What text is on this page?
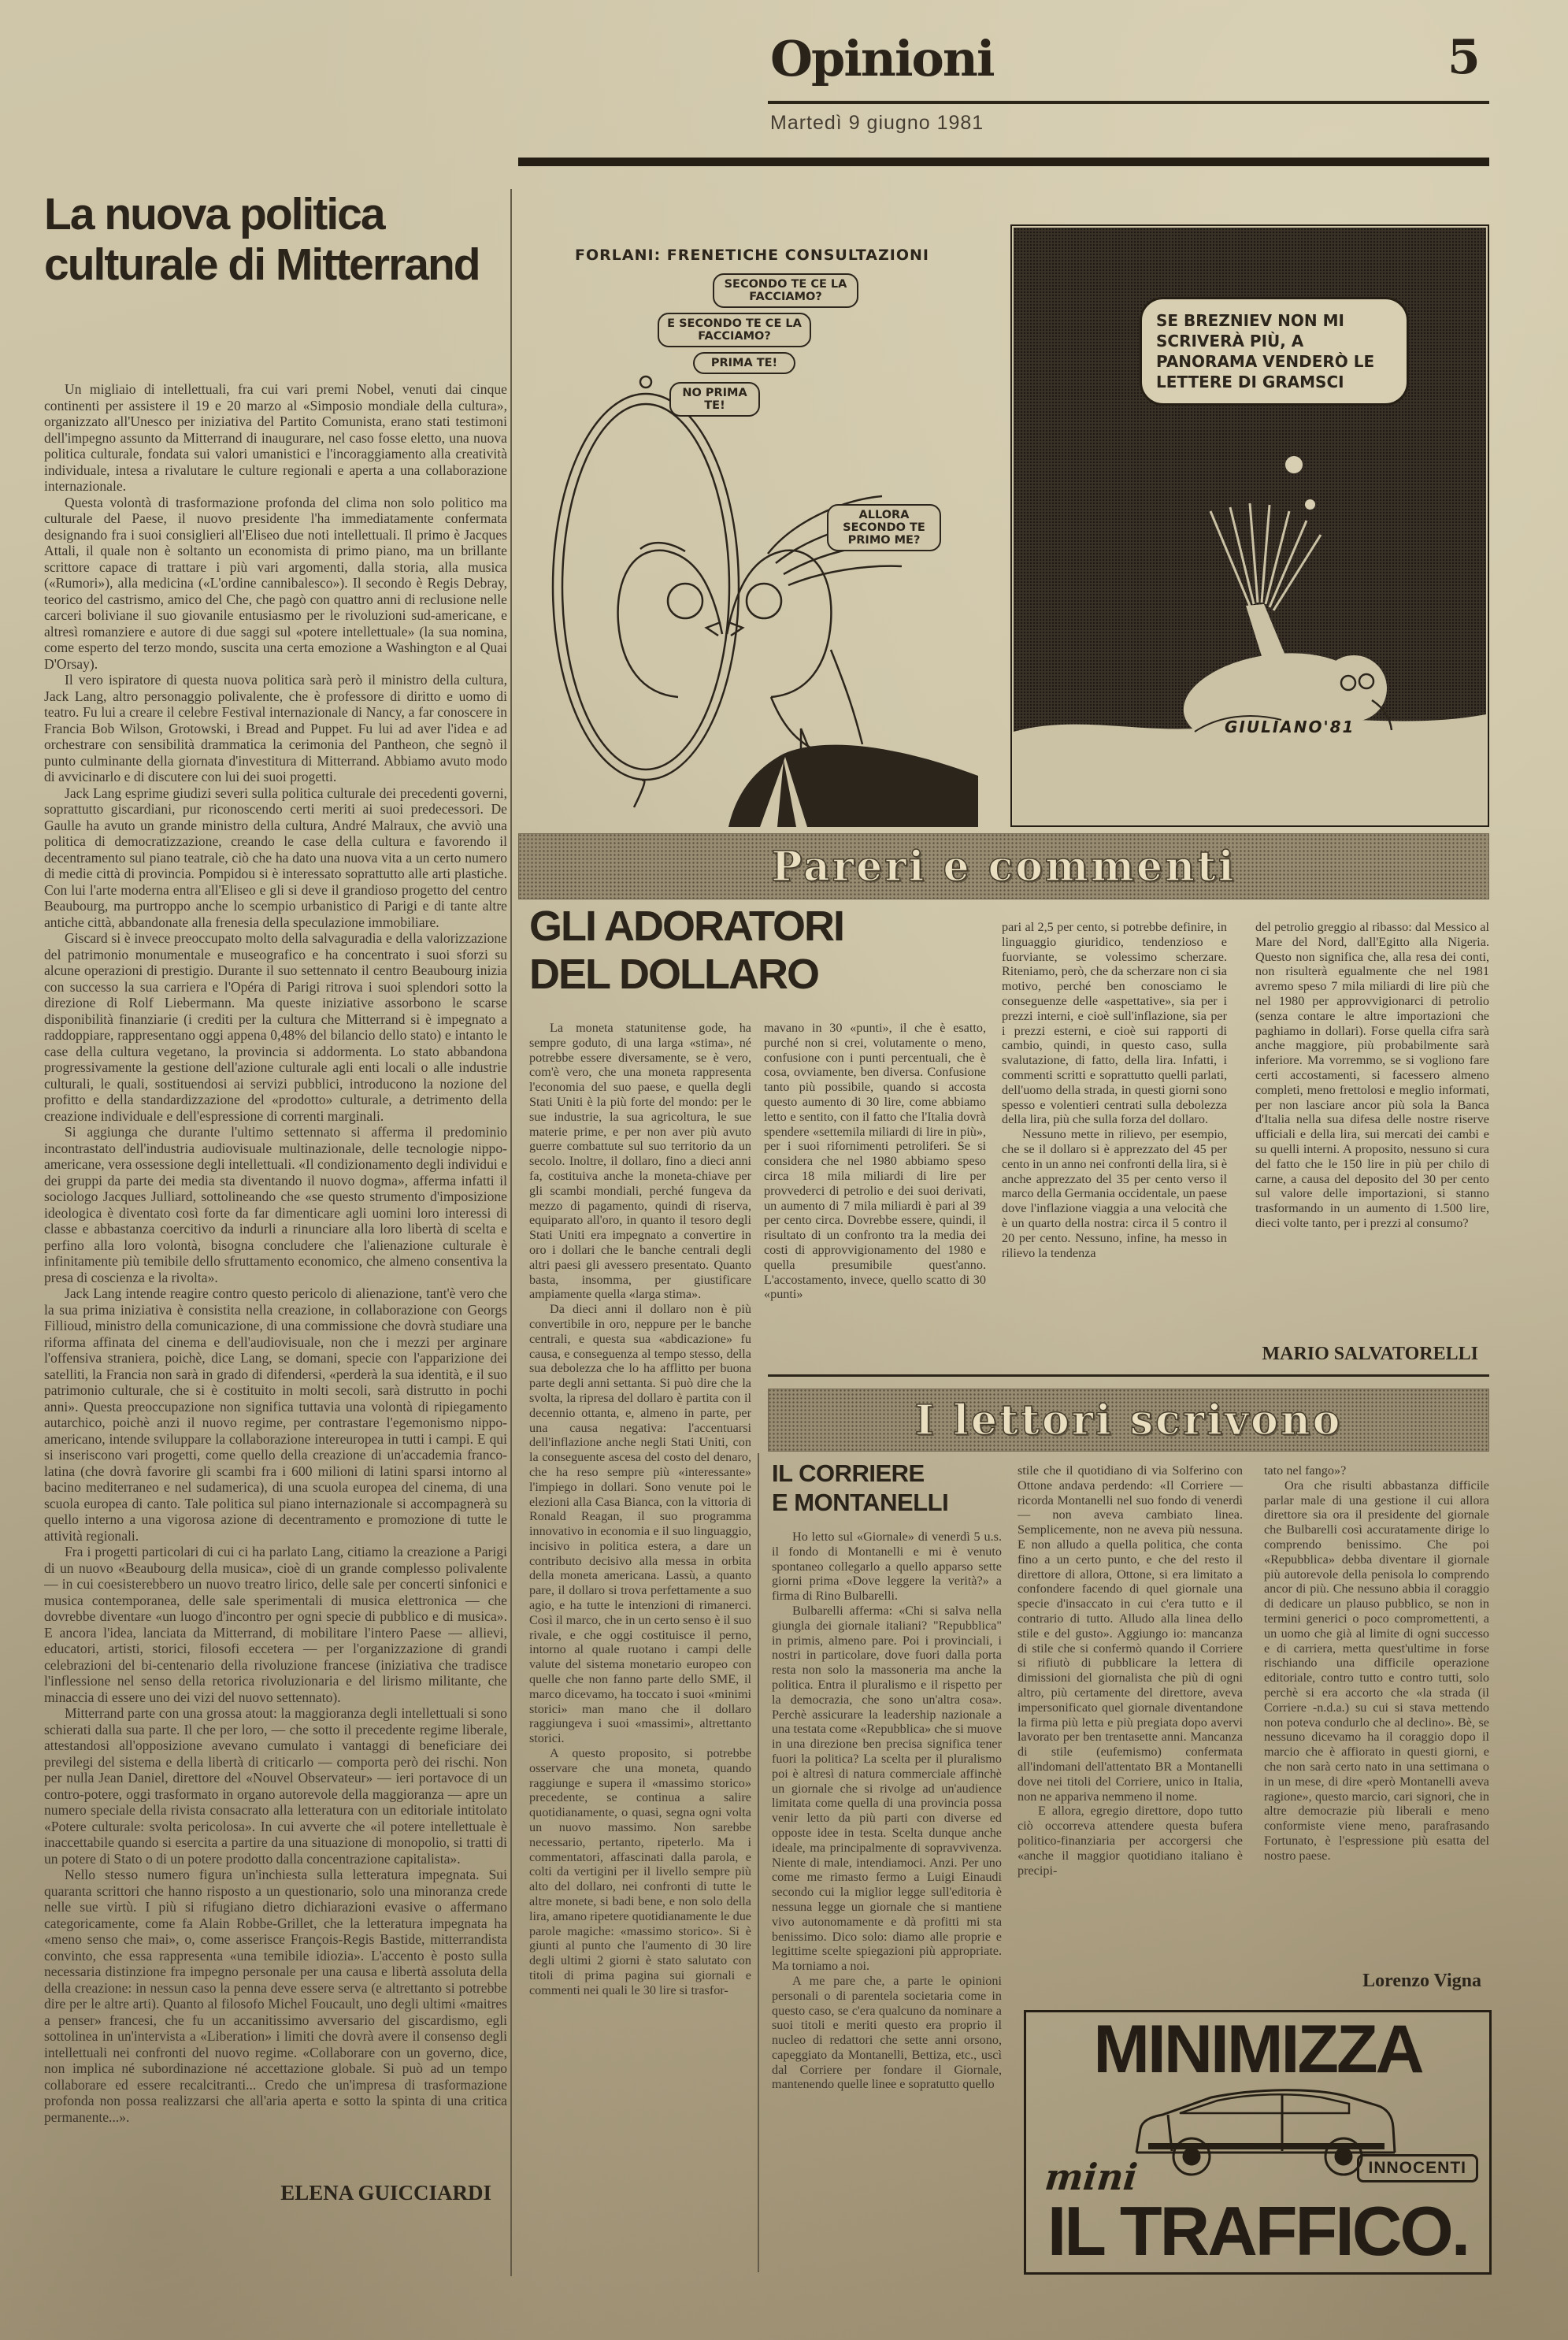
Opinioni	5
Martedì 9 giugno 1981
La nuova politica
culturale di Mitterrand

Un migliaio di intellettuali, fra cui vari premi Nobel, venuti dai cinque continenti per assistere il 19 e 20 marzo al «Simposio mondiale della cultura», organizzato all'Unesco per iniziativa del Partito Comunista, erano stati testimoni dell'impegno assunto da Mitterrand di inaugurare, nel caso fosse eletto, una nuova politica culturale, fondata sui valori umanistici e l'incoraggiamento alla creatività individuale, intesa a rivalutare le culture regionali e aperta a una collaborazione internazionale.

Questa volontà di trasformazione profonda del clima non solo politico ma culturale del Paese, il nuovo presidente l'ha immediatamente confermata designando fra i suoi consiglieri all'Eliseo due noti intellettuali. Il primo è Jacques Attali, il quale non è soltanto un economista di primo piano, ma un brillante scrittore capace di trattare i più vari argomenti, dalla storia, alla musica («Rumori»), alla medicina («L'ordine cannibalesco»). Il secondo è Regis Debray, teorico del castrismo, amico del Che, che pagò con quattro anni di reclusione nelle carceri boliviane il suo giovanile entusiasmo per le rivoluzioni sud-americane, e altresì romanziere e autore di due saggi sul «potere intellettuale» (la sua nomina, come esperto del terzo mondo, suscita una certa emozione a Washington e al Quai D'Orsay).

Il vero ispiratore di questa nuova politica sarà però il ministro della cultura, Jack Lang, altro personaggio polivalente, che è professore di diritto e uomo di teatro. Fu lui a creare il celebre Festival internazionale di Nancy, a far conoscere in Francia Bob Wilson, Grotowski, i Bread and Puppet. Fu lui ad aver l'idea e ad orchestrare con sensibilità drammatica la cerimonia del Pantheon, che segnò il punto culminante della giornata d'investitura di Mitterrand. Abbiamo avuto modo di avvicinarlo e di discutere con lui dei suoi progetti.

Jack Lang esprime giudizi severi sulla politica culturale dei precedenti governi, soprattutto giscardiani, pur riconoscendo certi meriti ai suoi predecessori. De Gaulle ha avuto un grande ministro della cultura, André Malraux, che avviò una politica di democratizzazione, creando le case della cultura e favorendo il decentramento sul piano teatrale, ciò che ha dato una nuova vita a un certo numero di medie città di provincia. Pompidou si è interessato soprattutto alle arti plastiche. Con lui l'arte moderna entra all'Eliseo e gli si deve il grandioso progetto del centro Beaubourg, ma purtroppo anche lo scempio urbanistico di Parigi e di tante altre antiche città, abbandonate alla frenesia della speculazione immobiliare.

Giscard si è invece preoccupato molto della salvaguradia e della valorizzazione del patrimonio monumentale e museografico e ha concentrato i suoi sforzi su alcune operazioni di prestigio. Durante il suo settennato il centro Beaubourg inizia con successo la sua carriera e l'Opéra di Parigi ritrova i suoi splendori sotto la direzione di Rolf Liebermann. Ma queste iniziative assorbono le scarse disponibilità finanziarie (i crediti per la cultura che Mitterrand si è impegnato a raddoppiare, rappresentano oggi appena 0,48% del bilancio dello stato) e intanto le case della cultura vegetano, la provincia si addormenta. Lo stato abbandona progressivamente la gestione dell'azione culturale agli enti locali o alle industrie culturali, le quali, sostituendosi ai servizi pubblici, introducono la nozione del profitto e della standardizzazione del «prodotto» culturale, a detrimento della creazione individuale e dell'espressione di correnti marginali.

Si aggiunga che durante l'ultimo settennato si afferma il predominio incontrastato dell'industria audiovisuale multinazionale, delle tecnologie nippo-americane, vera ossessione degli intellettuali. «Il condizionamento degli individui e dei gruppi da parte dei media sta diventando il nuovo dogma», afferma infatti il sociologo Jacques Julliard, sottolineando che «se questo strumento d'imposizione ideologica è diventato così forte da far dimenticare agli uomini loro interessi di classe e abbastanza coercitivo da indurli a rinunciare alla loro libertà di scelta e perfino alla loro volontà, bisogna concludere che l'alienazione culturale è infinitamente più temibile dello sfruttamento economico, che almeno consentiva la presa di coscienza e la rivolta».

Jack Lang intende reagire contro questo pericolo di alienazione, tant'è vero che la sua prima iniziativa è consistita nella creazione, in collaborazione con Georgs Fillioud, ministro della comunicazione, di una commissione che dovrà studiare una riforma affinata del cinema e dell'audiovisuale, non che i mezzi per arginare l'offensiva straniera, poichè, dice Lang, se domani, specie con l'apparizione dei satelliti, la Francia non sarà in grado di difendersi, «perderà la sua identità, e il suo patrimonio culturale, che si è costituito in molti secoli, sarà distrutto in pochi anni». Questa preoccupazione non significa tuttavia una volontà di ripiegamento autarchico, poichè anzi il nuovo regime, per contrastare l'egemonismo nippo-americano, intende sviluppare la collaborazione intereuropea in tutti i campi. E qui si inseriscono vari progetti, come quello della creazione di un'accademia franco-latina (che dovrà favorire gli scambi fra i 600 milioni di latini sparsi intorno al bacino mediterraneo e nel sudamerica), di una scuola europea del cinema, di una scuola europea di canto. Tale politica sul piano internazionale si accompagnerà su quello interno a una vigorosa azione di decentramento e promozione di tutte le attività regionali.

Fra i progetti particolari di cui ci ha parlato Lang, citiamo la creazione a Parigi di un nuovo «Beaubourg della musica», cioè di un grande complesso polivalente — in cui coesisterebbero un nuovo treatro lirico, delle sale per concerti sinfonici e musica contemporanea, delle sale sperimentali di musica elettronica — che dovrebbe diventare «un luogo d'incontro per ogni specie di pubblico e di musica». E ancora l'idea, lanciata da Mitterrand, di mobilitare l'intero Paese — allievi, educatori, artisti, storici, filosofi eccetera — per l'organizzazione di grandi celebrazioni del bi-centenario della rivoluzione francese (iniziativa che tradisce l'inflessione nel senso della retorica rivoluzionaria e del lirismo militante, che minaccia di essere uno dei vizi del nuovo settennato).

Mitterrand parte con una grossa atout: la maggioranza degli intellettuali si sono schierati dalla sua parte. Il che per loro, — che sotto il precedente regime liberale, attestandosi all'opposizione avevano cumulato i vantaggi di beneficiare dei previlegi del sistema e della libertà di criticarlo — comporta però dei rischi. Non per nulla Jean Daniel, direttore del «Nouvel Observateur» — ieri portavoce di un contro-potere, oggi trasformato in organo autorevole della maggioranza — apre un numero speciale della rivista consacrato alla letteratura con un editoriale intitolato «Potere culturale: svolta pericolosa». In cui avverte che «il potere intellettuale è inaccettabile quando si esercita a partire da una situazione di monopolio, si tratti di un potere di Stato o di un potere prodotto dalla concentrazione capitalista».

Nello stesso numero figura un'inchiesta sulla letteratura impegnata. Sui quaranta scrittori che hanno risposto a un questionario, solo una minoranza crede nelle sue virtù. I più si rifugiano dietro dichiarazioni evasive o affermano categoricamente, come fa Alain Robbe-Grillet, che la letteratura impegnata ha «meno senso che mai», o, come asserisce François-Regis Bastide, mitterrandista convinto, che essa rappresenta «una temibile idiozia». L'accento è posto sulla necessaria distinzione fra impegno personale per una causa e libertà assoluta della della creazione: in nessun caso la penna deve essere serva (e altrettanto si potrebbe dire per le altre arti). Quanto al filosofo Michel Foucault, uno degli ultimi «maitres a penser» francesi, che fu un accanitissimo avversario del giscardismo, egli sottolinea in un'intervista a «Liberation» i limiti che dovrà avere il consenso degli intellettuali nei confronti del nuovo regime. «Collaborare con un governo, dice, non implica né subordinazione né accettazione globale. Si può ad un tempo collaborare ed essere recalcitranti... Credo che un'impresa di trasformazione profonda non possa realizzarsi che all'aria aperta e sotto la spinta di una critica permanente...».

ELENA GUICCIARDI
FORLANI: FRENETICHE CONSULTAZIONI
SECONDO TE CE LA FACCIAMO?
E SECONDO TE CE LA FACCIAMO?
PRIMA TE!
NO PRIMA TE!
ALLORA SECONDO TE PRIMO ME?
SE BREZNIEV NON MI SCRIVERÀ PIÙ, A PANORAMA VENDERÒ LE LETTERE DI GRAMSCI
GIULIANO'81
Pareri e commenti
GLI ADORATORI
DEL DOLLARO

La moneta statunitense gode, ha sempre goduto, di una larga «stima», né potrebbe essere diversamente, se è vero, com'è vero, che una moneta rappresenta l'economia del suo paese, e quella degli Stati Uniti è la più forte del mondo: per le sue industrie, la sua agricoltura, le sue materie prime, e per non aver più avuto guerre combattute sul suo territorio da un secolo. Inoltre, il dollaro, fino a dieci anni fa, costituiva anche la moneta-chiave per gli scambi mondiali, perché fungeva da mezzo di pagamento, quindi di riserva, equiparato all'oro, in quanto il tesoro degli Stati Uniti era impegnato a convertire in oro i dollari che le banche centrali degli altri paesi gli avessero presentato. Quanto basta, insomma, per giustificare ampiamente quella «larga stima».

Da dieci anni il dollaro non è più convertibile in oro, neppure per le banche centrali, e questa sua «abdicazione» fu causa, e conseguenza al tempo stesso, della sua debolezza che lo ha afflitto per buona parte degli anni settanta. Si può dire che la svolta, la ripresa del dollaro è partita con il decennio ottanta, e, almeno in parte, per una causa negativa: l'accentuarsi dell'inflazione anche negli Stati Uniti, con la conseguente ascesa del costo del denaro, che ha reso sempre più «interessante» l'impiego in dollari. Sono venute poi le elezioni alla Casa Bianca, con la vittoria di Ronald Reagan, il suo programma innovativo in economia e il suo linguaggio, incisivo in politica estera, a dare un contributo decisivo alla messa in orbita della moneta americana. Lassù, a quanto pare, il dollaro si trova perfettamente a suo agio, e ha tutte le intenzioni di rimanerci. Così il marco, che in un certo senso è il suo rivale, e che oggi costituisce il perno, intorno al quale ruotano i campi delle valute del sistema monetario europeo con quelle che non fanno parte dello SME, il marco dicevamo, ha toccato i suoi «minimi storici» man mano che il dollaro raggiungeva i suoi «massimi», altrettanto storici.

A questo proposito, si potrebbe osservare che una moneta, quando raggiunge e supera il «massimo storico» precedente, se continua a salire quotidianamente, o quasi, segna ogni volta un nuovo massimo. Non sarebbe necessario, pertanto, ripeterlo. Ma i commentatori, affascinati dalla parola, e colti da vertigini per il livello sempre più alto del dollaro, nei confronti di tutte le altre monete, si badi bene, e non solo della lira, amano ripetere quotidianamente le due parole magiche: «massimo storico». Si è giunti al punto che l'aumento di 30 lire degli ultimi 2 giorni è stato salutato con titoli di prima pagina sui giornali e commenti nei quali le 30 lire si trasfor-

mavano in 30 «punti», il che è esatto, purché non si crei, volutamente o meno, confusione con i punti percentuali, che è cosa, ovviamente, ben diversa. Confusione tanto più possibile, quando si accosta questo aumento di 30 lire, come abbiamo letto e sentito, con il fatto che l'Italia dovrà spendere «settemila miliardi di lire in più», per i suoi rifornimenti petroliferi. Se si considera che nel 1980 abbiamo speso circa 18 mila miliardi di lire per provvederci di petrolio e dei suoi derivati, un aumento di 7 mila miliardi è pari al 39 per cento circa. Dovrebbe essere, quindi, il risultato di un confronto tra la media dei costi di approvvigionamento del 1980 e quella presumibile quest'anno. L'accostamento, invece, quello scatto di 30 «punti»

pari al 2,5 per cento, si potrebbe definire, in linguaggio giuridico, tendenzioso e fuorviante, se volessimo scherzare. Riteniamo, però, che da scherzare non ci sia motivo, perché ben conosciamo le conseguenze delle «aspettative», sia per i prezzi interni, e cioè sull'inflazione, sia per i prezzi esterni, e cioè sui rapporti di cambio, quindi, in questo caso, sulla svalutazione, di fatto, della lira. Infatti, i commenti scritti e soprattutto quelli parlati, dell'uomo della strada, in questi giorni sono spesso e volentieri centrati sulla debolezza della lira, più che sulla forza del dollaro.

Nessuno mette in rilievo, per esempio, che se il dollaro si è apprezzato del 45 per cento in un anno nei confronti della lira, si è anche apprezzato del 35 per cento verso il marco della Germania occidentale, un paese dove l'inflazione viaggia a una velocità che è un quarto della nostra: circa il 5 contro il 20 per cento. Nessuno, infine, ha messo in rilievo la tendenza

del petrolio greggio al ribasso: dal Messico al Mare del Nord, dall'Egitto alla Nigeria. Questo non significa che, alla resa dei conti, non risulterà egualmente che nel 1981 avremo speso 7 mila miliardi di lire più che nel 1980 per approvvigionarci di petrolio (senza contare le altre importazioni che paghiamo in dollari). Forse quella cifra sarà anche maggiore, più probabilmente sarà inferiore. Ma vorremmo, se si vogliono fare certi accostamenti, si facessero almeno completi, meno frettolosi e meglio informati, per non lasciare ancor più sola la Banca d'Italia nella sua difesa delle nostre riserve ufficiali e della lira, sui mercati dei cambi e su quelli interni. A proposito, nessuno si cura del fatto che le 150 lire in più per chilo di carne, a causa del deposito del 30 per cento sul valore delle importazioni, si stanno trasformando in un aumento di 1.500 lire, dieci volte tanto, per i prezzi al consumo?

MARIO SALVATORELLI
I lettori scrivono
IL CORRIERE
E MONTANELLI

Ho letto sul «Giornale» di venerdì 5 u.s. il fondo di Montanelli e mi è venuto spontaneo collegarlo a quello apparso sette giorni prima «Dove leggere la verità?» a firma di Rino Bulbarelli.

Bulbarelli afferma: «Chi si salva nella giungla dei giornale italiani? "Repubblica" in primis, almeno pare. Poi i provinciali, i nostri in particolare, dove fuori dalla porta resta non solo la massoneria ma anche la politica. Entra il pluralismo e il rispetto per la democrazia, che sono un'altra cosa». Perchè assicurare la leadership nazionale a una testata come «Repubblica» che si muove in una direzione ben precisa significa tener fuori la politica? La scelta per il pluralismo poi è altresì di natura commerciale affinchè un giornale che si rivolge ad un'audience limitata come quella di una provincia possa venir letto da più parti con diverse ed opposte idee in testa. Scelta dunque anche ideale, ma principalmente di sopravvivenza. Niente di male, intendiamoci. Anzi. Per uno come me rimasto fermo a Luigi Einaudi secondo cui la miglior legge sull'editoria è nessuna legge un giornale che si mantiene vivo autonomamente e dà profitti mi sta benissimo. Dico solo: diamo alle proprie e legittime scelte spiegazioni più appropriate. Ma torniamo a noi.

A me pare che, a parte le opinioni personali o di parentela societaria come in questo caso, se c'era qualcuno da nominare a suoi titoli e meriti questo era proprio il nucleo di redattori che sette anni orsono, capeggiato da Montanelli, Bettiza, etc., uscì dal Corriere per fondare il Giornale, mantenendo quelle linee e sopratutto quello

stile che il quotidiano di via Solferino con Ottone andava perdendo: «Il Corriere — ricorda Montanelli nel suo fondo di venerdì — non aveva cambiato linea. Semplicemente, non ne aveva più nessuna. E non alludo a quella politica, che conta fino a un certo punto, e che del resto il direttore di allora, Ottone, si era limitato a confondere facendo di quel giornale una specie d'insaccato in cui c'era tutto e il contrario di tutto. Alludo alla linea dello stile e del gusto». Aggiungo io: mancanza di stile che si confermò quando il Corriere si rifiutò di pubblicare la lettera di dimissioni del giornalista che più di ogni altro, più certamente del direttore, aveva impersonificato quel giornale diventandone la firma più letta e più pregiata dopo avervi lavorato per ben trentasette anni. Mancanza di stile (eufemismo) confermata all'indomani dell'attentato BR a Montanelli dove nei titoli del Corriere, unico in Italia, non ne appariva nemmeno il nome.

E allora, egregio direttore, dopo tutto ciò occorreva attendere questa bufera politico-finanziaria per accorgersi che «anche il maggior quotidiano italiano è precipi-

tato nel fango»?

Ora che risulti abbastanza difficile parlar male di una gestione il cui allora direttore sia ora il presidente del giornale che Bulbarelli così accuratamente dirige lo comprendo benissimo. Che poi «Repubblica» debba diventare il giornale più autorevole della penisola lo comprendo ancor di più. Che nessuno abbia il coraggio di dedicare un plauso pubblico, se non in termini generici o poco compromettenti, a un uomo che già al limite di ogni successo e di carriera, metta quest'ultime in forse rischiando una difficile operazione editoriale, contro tutto e contro tutti, solo perchè si era accorto che «la strada (il Corriere -n.d.a.) su cui si stava mettendo non poteva condurlo che al declino». Bè, se nessuno dicevamo ha il coraggio dopo il marcio che è affiorato in questi giorni, e che non sarà certo nato in una settimana o in un mese, di dire «però Montanelli aveva ragione», questo marcio, cari signori, che in altre democrazie più liberali e meno conformiste viene meno, parafrasando Fortunato, è l'espressione più esatta del nostro paese.

Lorenzo Vigna
MINIMIZZA
mini	INNOCENTI
IL TRAFFICO.
